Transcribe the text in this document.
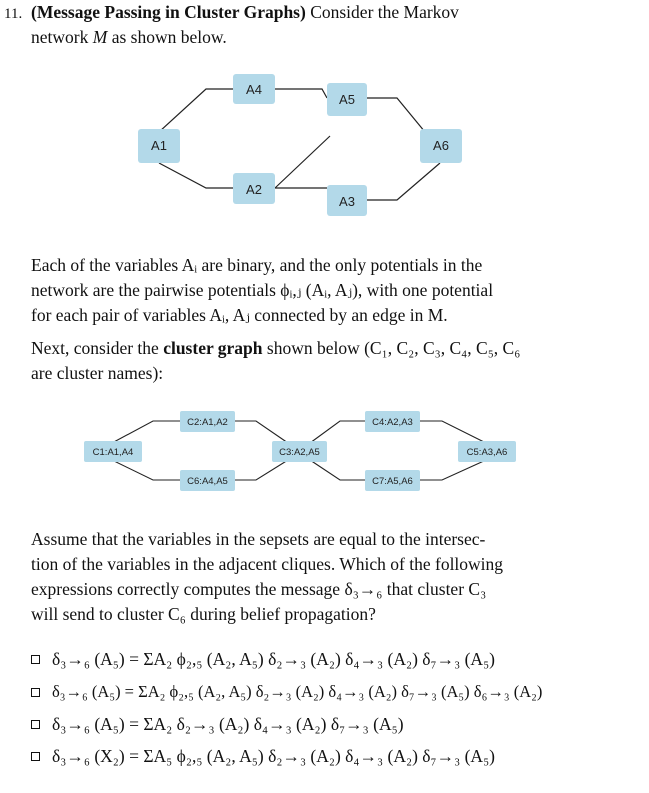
11. (Message Passing in Cluster Graphs) Consider the Markov
network M as shown below.
A4
A5
A1	A6
A2
A3
Each of the variables Aᵢ are binary, and the only potentials in the
network are the pairwise potentials ϕᵢ,ⱼ (Aᵢ, Aⱼ), with one potential
for each pair of variables Aᵢ, Aⱼ connected by an edge in M.
Next, consider the cluster graph shown below (C₁, C₂, C₃, C₄, C₅, C₆
are cluster names):
C2:A1,A2	C4:A2,A3
C1:A1,A4	C3:A2,A5	C5:A3,A6
C6:A4,A5	C7:A5,A6
Assume that the variables in the sepsets are equal to the intersec-
tion of the variables in the adjacent cliques. Which of the following
expressions correctly computes the message δ₃→₆ that cluster C₃
will send to cluster C₆ during belief propagation?
δ₃→₆ (A₅) = ΣA₂ ϕ₂,₅ (A₂, A₅) δ₂→₃ (A₂) δ₄→₃ (A₂) δ₇→₃ (A₅)
δ₃→₆ (A₅) = ΣA₂ ϕ₂,₅ (A₂, A₅) δ₂→₃ (A₂) δ₄→₃ (A₂) δ₇→₃ (A₅) δ₆→₃ (A₂)
δ₃→₆ (A₅) = ΣA₂ δ₂→₃ (A₂) δ₄→₃ (A₂) δ₇→₃ (A₅)
δ₃→₆ (X₂) = ΣA₅ ϕ₂,₅ (A₂, A₅) δ₂→₃ (A₂) δ₄→₃ (A₂) δ₇→₃ (A₅)
